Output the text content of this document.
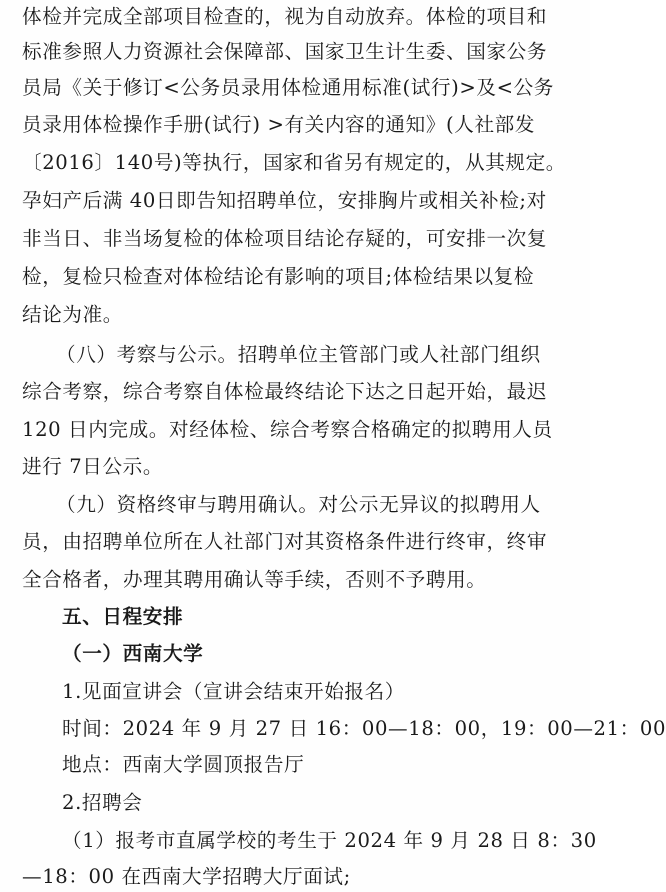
体检并完成全部项目检查的，视为自动放弃。体检的项目和
标准参照人力资源社会保障部、国家卫生计生委、国家公务
员局《关于修订<公务员录用体检通用标准(试行)>及<公务
员录用体检操作手册(试行) >有关内容的通知》(人社部发
〔2016〕140号)等执行，国家和省另有规定的，从其规定。
孕妇产后满 40日即告知招聘单位，安排胸片或相关补检;对
非当日、非当场复检的体检项目结论存疑的，可安排一次复
检，复检只检查对体检结论有影响的项目;体检结果以复检
结论为准。
（八）考察与公示。招聘单位主管部门或人社部门组织
综合考察，综合考察自体检最终结论下达之日起开始，最迟
120 日内完成。对经体检、综合考察合格确定的拟聘用人员
进行 7日公示。
（九）资格终审与聘用确认。对公示无异议的拟聘用人
员，由招聘单位所在人社部门对其资格条件进行终审，终审
全合格者，办理其聘用确认等手续，否则不予聘用。
五、日程安排
（一）西南大学
1.见面宣讲会（宣讲会结束开始报名）
时间：2024 年 9 月 27 日 16：00—18：00，19：00—21：00
地点：西南大学圆顶报告厅
2.招聘会
（1）报考市直属学校的考生于 2024 年 9 月 28 日 8：30
—18：00 在西南大学招聘大厅面试;
